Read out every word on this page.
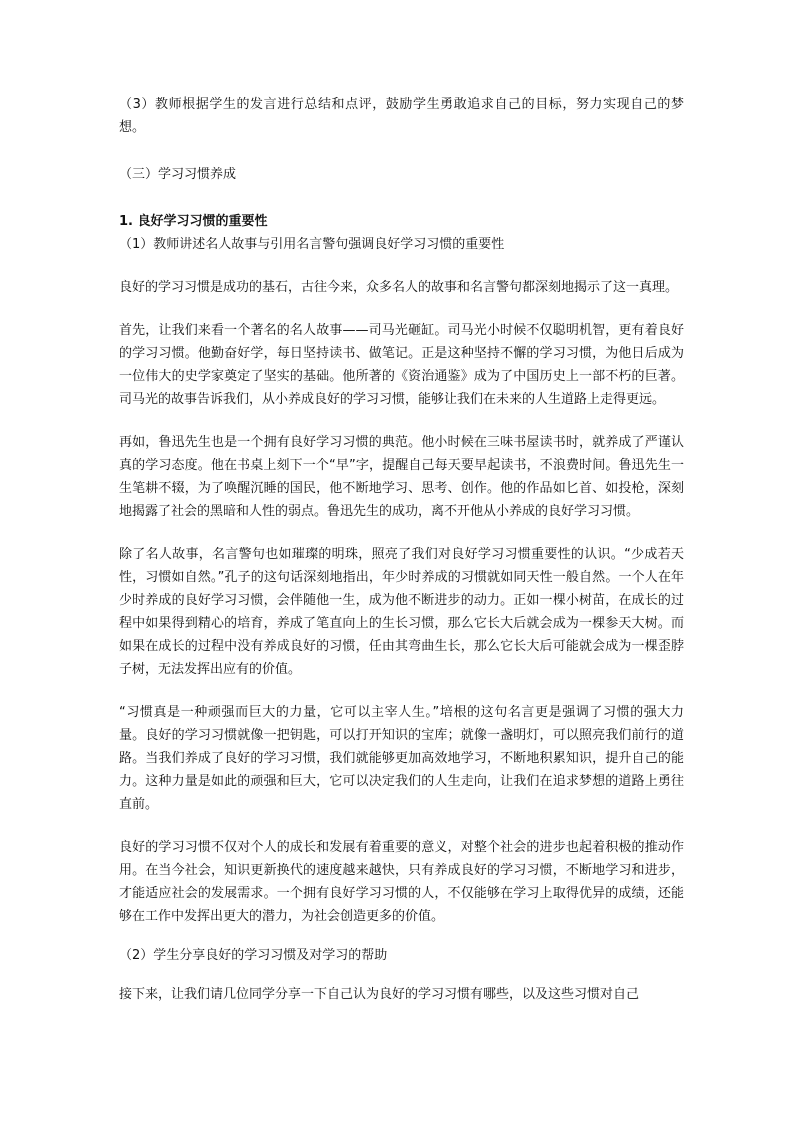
（3）教师根据学生的发言进行总结和点评，鼓励学生勇敢追求自己的目标，努力实现自己的梦想。

（三）学习习惯养成

1. 良好学习习惯的重要性

（1）教师讲述名人故事与引用名言警句强调良好学习习惯的重要性

良好的学习习惯是成功的基石，古往今来，众多名人的故事和名言警句都深刻地揭示了这一真理。

首先，让我们来看一个著名的名人故事——司马光砸缸。司马光小时候不仅聪明机智，更有着良好的学习习惯。他勤奋好学，每日坚持读书、做笔记。正是这种坚持不懈的学习习惯，为他日后成为一位伟大的史学家奠定了坚实的基础。他所著的《资治通鉴》成为了中国历史上一部不朽的巨著。司马光的故事告诉我们，从小养成良好的学习习惯，能够让我们在未来的人生道路上走得更远。

再如，鲁迅先生也是一个拥有良好学习习惯的典范。他小时候在三味书屋读书时，就养成了严谨认真的学习态度。他在书桌上刻下一个“早”字，提醒自己每天要早起读书，不浪费时间。鲁迅先生一生笔耕不辍，为了唤醒沉睡的国民，他不断地学习、思考、创作。他的作品如匕首、如投枪，深刻地揭露了社会的黑暗和人性的弱点。鲁迅先生的成功，离不开他从小养成的良好学习习惯。

除了名人故事，名言警句也如璀璨的明珠，照亮了我们对良好学习习惯重要性的认识。“少成若天性，习惯如自然。”孔子的这句话深刻地指出，年少时养成的习惯就如同天性一般自然。一个人在年少时养成的良好学习习惯，会伴随他一生，成为他不断进步的动力。正如一棵小树苗，在成长的过程中如果得到精心的培育，养成了笔直向上的生长习惯，那么它长大后就会成为一棵参天大树。而如果在成长的过程中没有养成良好的习惯，任由其弯曲生长，那么它长大后可能就会成为一棵歪脖子树，无法发挥出应有的价值。

“习惯真是一种顽强而巨大的力量，它可以主宰人生。”培根的这句名言更是强调了习惯的强大力量。良好的学习习惯就像一把钥匙，可以打开知识的宝库；就像一盏明灯，可以照亮我们前行的道路。当我们养成了良好的学习习惯，我们就能够更加高效地学习，不断地积累知识，提升自己的能力。这种力量是如此的顽强和巨大，它可以决定我们的人生走向，让我们在追求梦想的道路上勇往直前。

良好的学习习惯不仅对个人的成长和发展有着重要的意义，对整个社会的进步也起着积极的推动作用。在当今社会，知识更新换代的速度越来越快，只有养成良好的学习习惯，不断地学习和进步，才能适应社会的发展需求。一个拥有良好学习习惯的人，不仅能够在学习上取得优异的成绩，还能够在工作中发挥出更大的潜力，为社会创造更多的价值。

（2）学生分享良好的学习习惯及对学习的帮助

接下来，让我们请几位同学分享一下自己认为良好的学习习惯有哪些，以及这些习惯对自己
